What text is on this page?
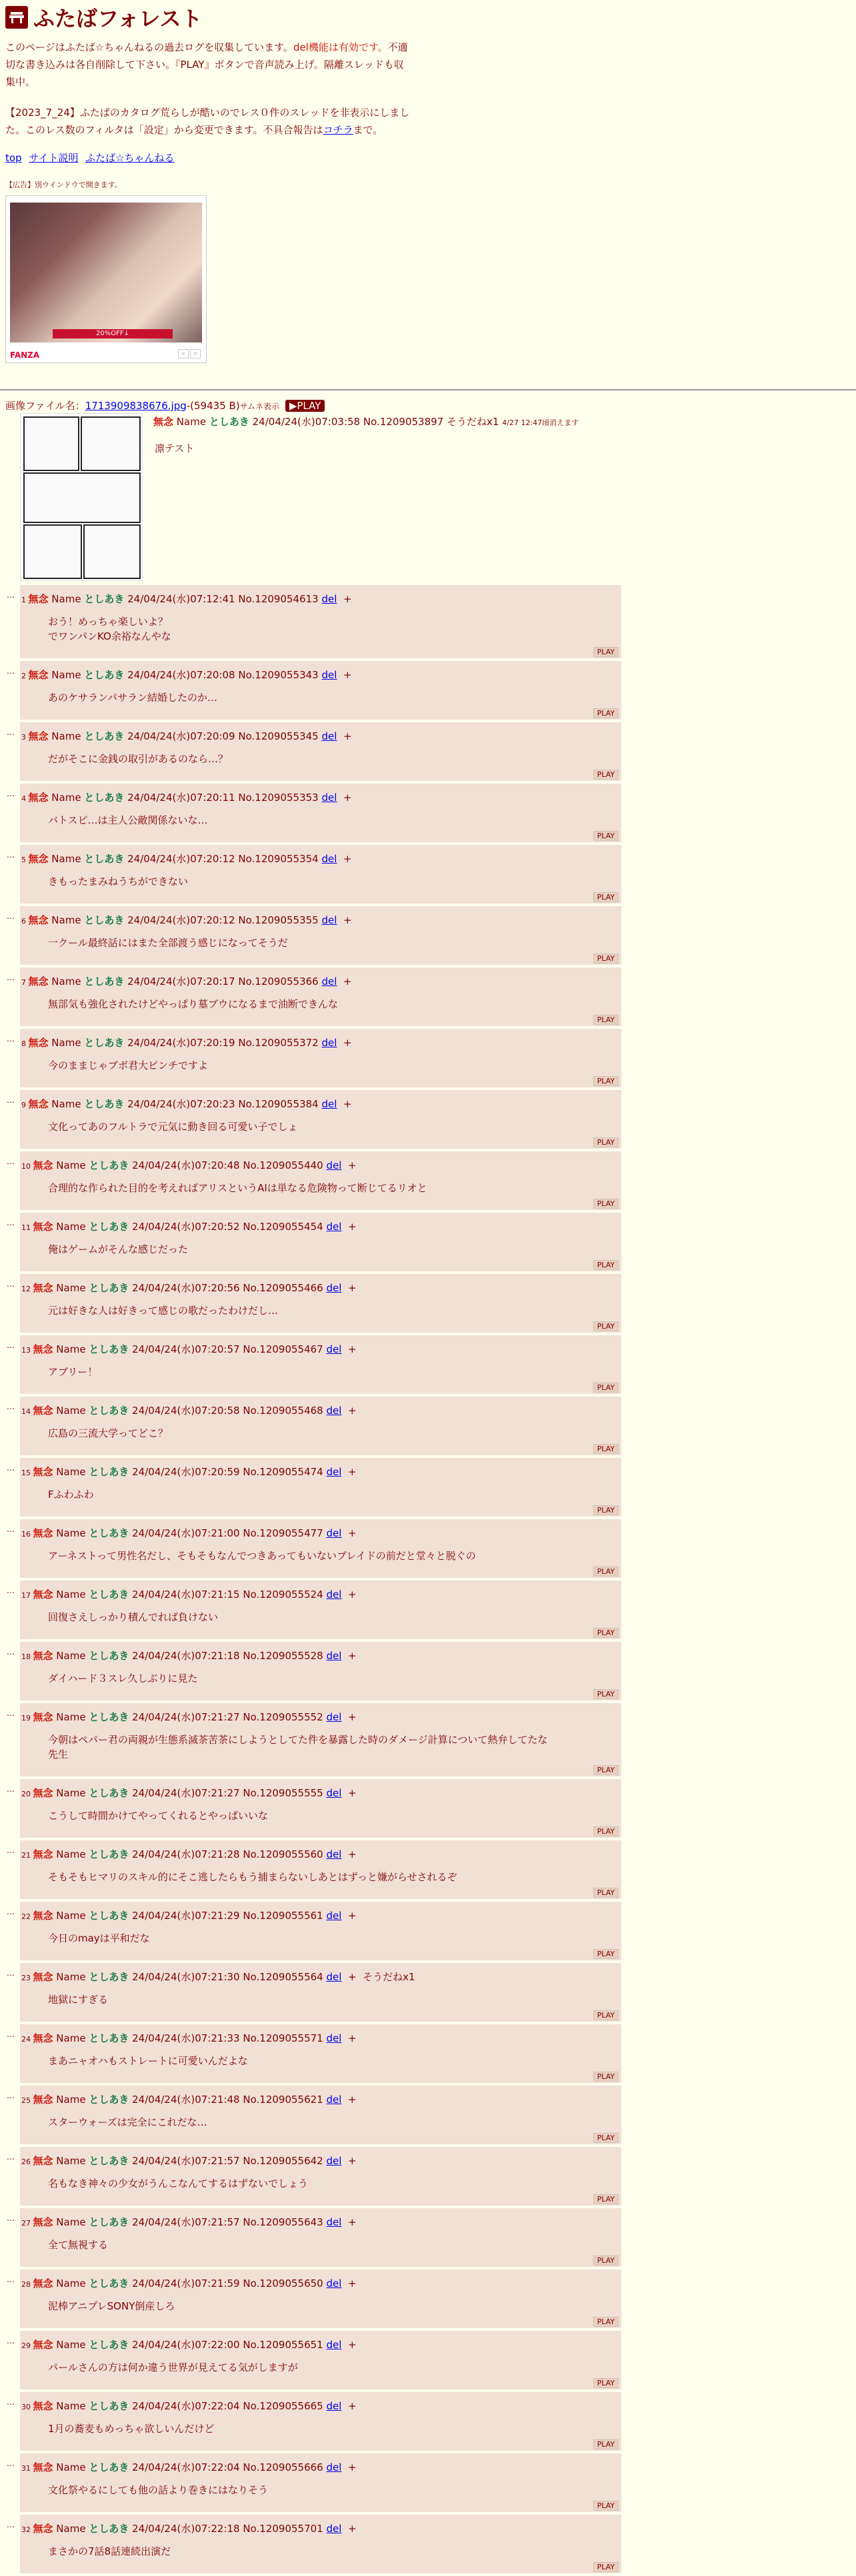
ふたばフォレスト
このページはふたば☆ちゃんねるの過去ログを収集しています。del機能は有効です。不適切な書き込みは各自削除して下さい。『PLAY』ボタンで音声読み上げ。隔離スレッドも収集中。
【2023_7_24】ふたばのカタログ荒らしが酷いのでレス０件のスレッドを非表示にしました。このレス数のフィルタは「設定」から変更できます。不具合報告はコチラまで。
top サイト説明 ふたば☆ちゃんねる
【広告】別ウインドウで開きます。
20%OFF↓
FANZA	<	>
画像ファイル名：1713909838676.jpg-(59435 B)サムネ表示 ▶PLAY
無念 Name としあき 24/04/24(水)07:03:58 No.1209053897 そうだねx1 4/27 12:47頃消えます
凛テスト
…
1 無念 Name としあき 24/04/24(水)07:12:41 No.1209054613 del +
おう！めっちゃ楽しいよ？
でワンパンKO余裕なんやな
PLAY
…
2 無念 Name としあき 24/04/24(水)07:20:08 No.1209055343 del +
あのケサランパサラン結婚したのか…
PLAY
…
3 無念 Name としあき 24/04/24(水)07:20:09 No.1209055345 del +
だがそこに金銭の取引があるのなら…？
PLAY
…
4 無念 Name としあき 24/04/24(水)07:20:11 No.1209055353 del +
バトスピ…は主人公敵関係ないな…
PLAY
…
5 無念 Name としあき 24/04/24(水)07:20:12 No.1209055354 del +
きもったまみねうちができない
PLAY
…
6 無念 Name としあき 24/04/24(水)07:20:12 No.1209055355 del +
一クール最終話にはまた全部渡う感じになってそうだ
PLAY
…
7 無念 Name としあき 24/04/24(水)07:20:17 No.1209055366 del +
無部気も強化されたけどやっぱり墓ブウになるまで油断できんな
PLAY
…
8 無念 Name としあき 24/04/24(水)07:20:19 No.1209055372 del +
今のままじゃブボ君大ピンチですよ
PLAY
…
9 無念 Name としあき 24/04/24(水)07:20:23 No.1209055384 del +
文化ってあのフルトラで元気に動き回る可愛い子でしょ
PLAY
…
10 無念 Name としあき 24/04/24(水)07:20:48 No.1209055440 del +
合理的な作られた目的を考えればアリスというAIは単なる危険物って断じてるリオと
PLAY
…
11 無念 Name としあき 24/04/24(水)07:20:52 No.1209055454 del +
俺はゲームがそんな感じだった
PLAY
…
12 無念 Name としあき 24/04/24(水)07:20:56 No.1209055466 del +
元は好きな人は好きって感じの歌だったわけだし…
PLAY
…
13 無念 Name としあき 24/04/24(水)07:20:57 No.1209055467 del +
アブリー！
PLAY
…
14 無念 Name としあき 24/04/24(水)07:20:58 No.1209055468 del +
広島の三流大学ってどこ？
PLAY
…
15 無念 Name としあき 24/04/24(水)07:20:59 No.1209055474 del +
Fふわふわ
PLAY
…
16 無念 Name としあき 24/04/24(水)07:21:00 No.1209055477 del +
アーネストって男性名だし、そもそもなんでつきあってもいないブレイドの前だと堂々と脱ぐの
PLAY
…
17 無念 Name としあき 24/04/24(水)07:21:15 No.1209055524 del +
回復さえしっかり積んでれば負けない
PLAY
…
18 無念 Name としあき 24/04/24(水)07:21:18 No.1209055528 del +
ダイハード３スレ久しぶりに見た
PLAY
…
19 無念 Name としあき 24/04/24(水)07:21:27 No.1209055552 del +
今朝はペパー君の両親が生態系滅茶苦茶にしようとしてた件を暴露した時のダメージ計算について熱弁してたな
先生
PLAY
…
20 無念 Name としあき 24/04/24(水)07:21:27 No.1209055555 del +
こうして時間かけてやってくれるとやっぱいいな
PLAY
…
21 無念 Name としあき 24/04/24(水)07:21:28 No.1209055560 del +
そもそもヒマリのスキル的にそこ逃したらもう捕まらないしあとはずっと嫌がらせされるぞ
PLAY
…
22 無念 Name としあき 24/04/24(水)07:21:29 No.1209055561 del +
今日のmayは平和だな
PLAY
…
23 無念 Name としあき 24/04/24(水)07:21:30 No.1209055564 del + そうだねx1
地獄にすぎる
PLAY
…
24 無念 Name としあき 24/04/24(水)07:21:33 No.1209055571 del +
まあニャオハもストレートに可愛いんだよな
PLAY
…
25 無念 Name としあき 24/04/24(水)07:21:48 No.1209055621 del +
スターウォーズは完全にこれだな…
PLAY
…
26 無念 Name としあき 24/04/24(水)07:21:57 No.1209055642 del +
名もなき神々の少女がうんこなんてするはずないでしょう
PLAY
…
27 無念 Name としあき 24/04/24(水)07:21:57 No.1209055643 del +
全て無視する
PLAY
…
28 無念 Name としあき 24/04/24(水)07:21:59 No.1209055650 del +
泥棒アニプレSONY倒産しろ
PLAY
…
29 無念 Name としあき 24/04/24(水)07:22:00 No.1209055651 del +
パールさんの方は何か違う世界が見えてる気がしますが
PLAY
…
30 無念 Name としあき 24/04/24(水)07:22:04 No.1209055665 del +
1月の蕎麦もめっちゃ欲しいんだけど
PLAY
…
31 無念 Name としあき 24/04/24(水)07:22:04 No.1209055666 del +
文化祭やるにしても他の話より巻きにはなりそう
PLAY
…
32 無念 Name としあき 24/04/24(水)07:22:18 No.1209055701 del +
まさかの7話8話連続出演だ
PLAY
